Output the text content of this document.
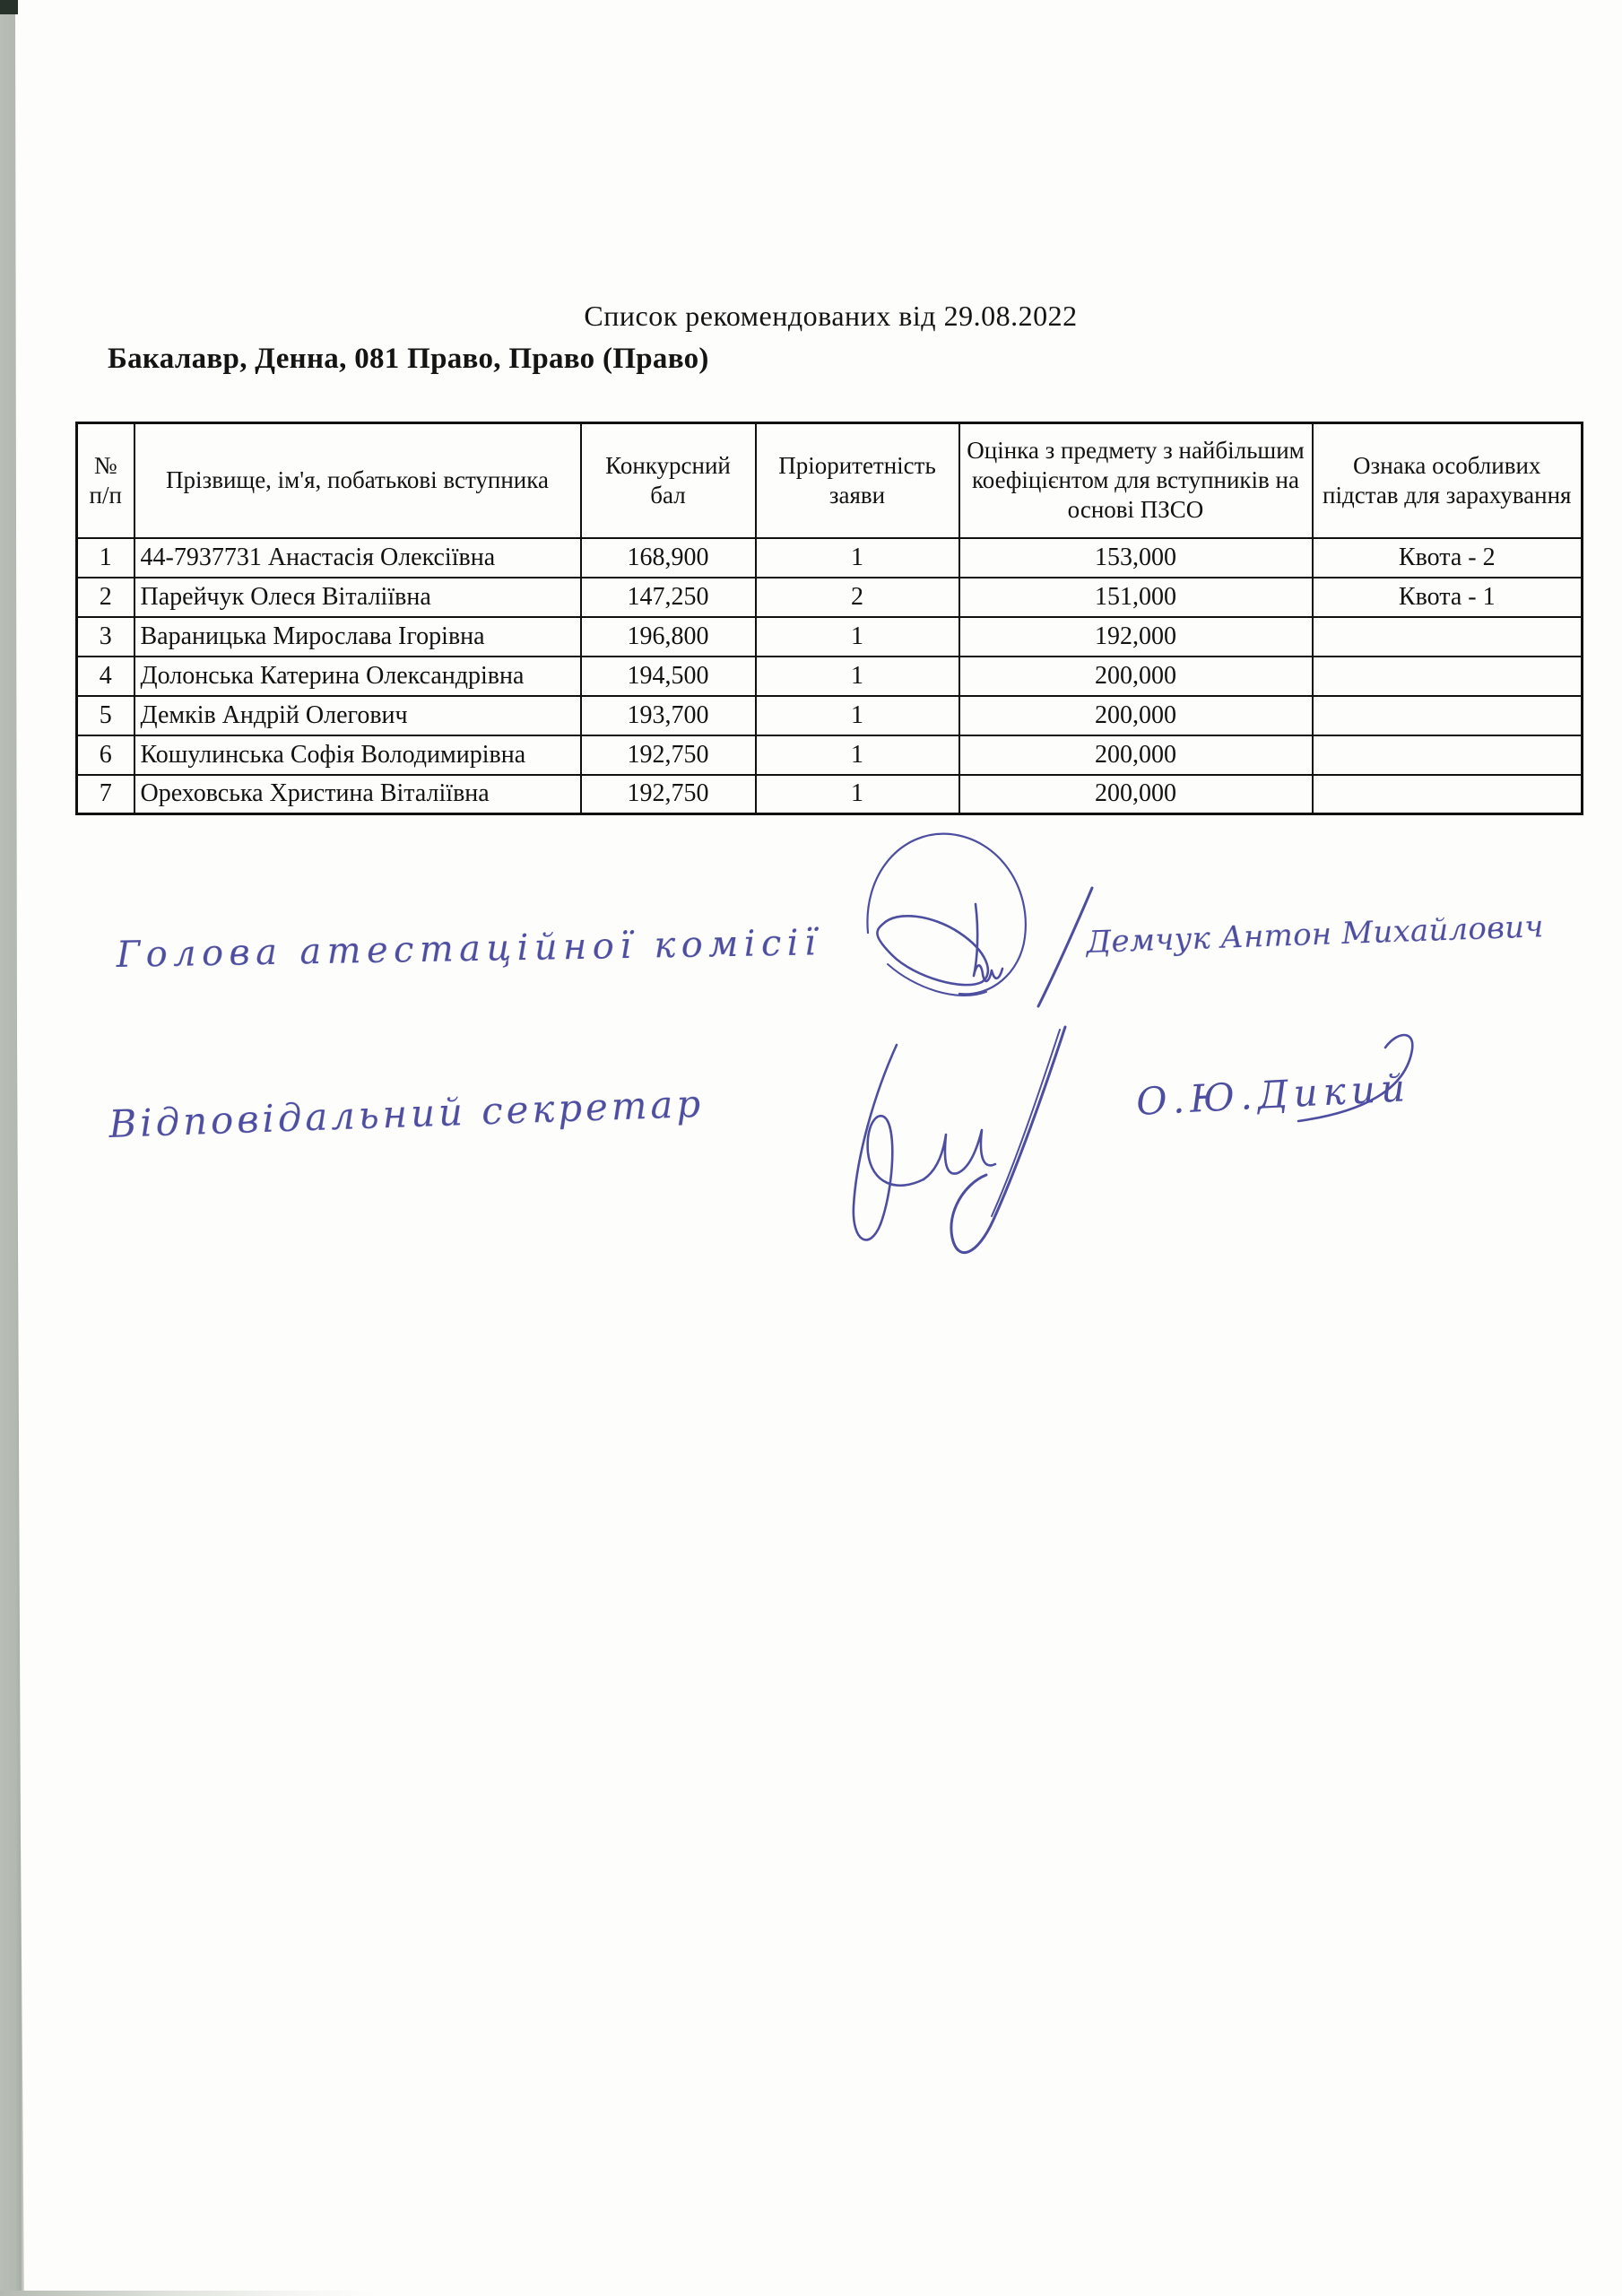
Список рекомендованих від 29.08.2022
Бакалавр, Денна, 081 Право, Право (Право)
№ п/п	Прізвище, ім'я, побатькові вступника	Конкурсний бал	Пріоритетність заяви	Оцінка з предмету з найбільшим коефіцієнтом для вступників на основі ПЗСО	Ознака особливих підстав для зарахування
1	44-7937731 Анастасія Олексіївна	168,900	1	153,000	Квота - 2
2	Парейчук Олеся Віталіївна	147,250	2	151,000	Квота - 1
3	Вараницька Мирослава Ігорівна	196,800	1	192,000	
4	Долонська Катерина Олександрівна	194,500	1	200,000	
5	Демків Андрій Олегович	193,700	1	200,000	
6	Кошулинська Софія Володимирівна	192,750	1	200,000	
7	Ореховська Христина Віталіївна	192,750	1	200,000	
Голова атестаційної комісії	Демчук Антон Михайлович
Відповідальний секретар	О.Ю.Дикий
